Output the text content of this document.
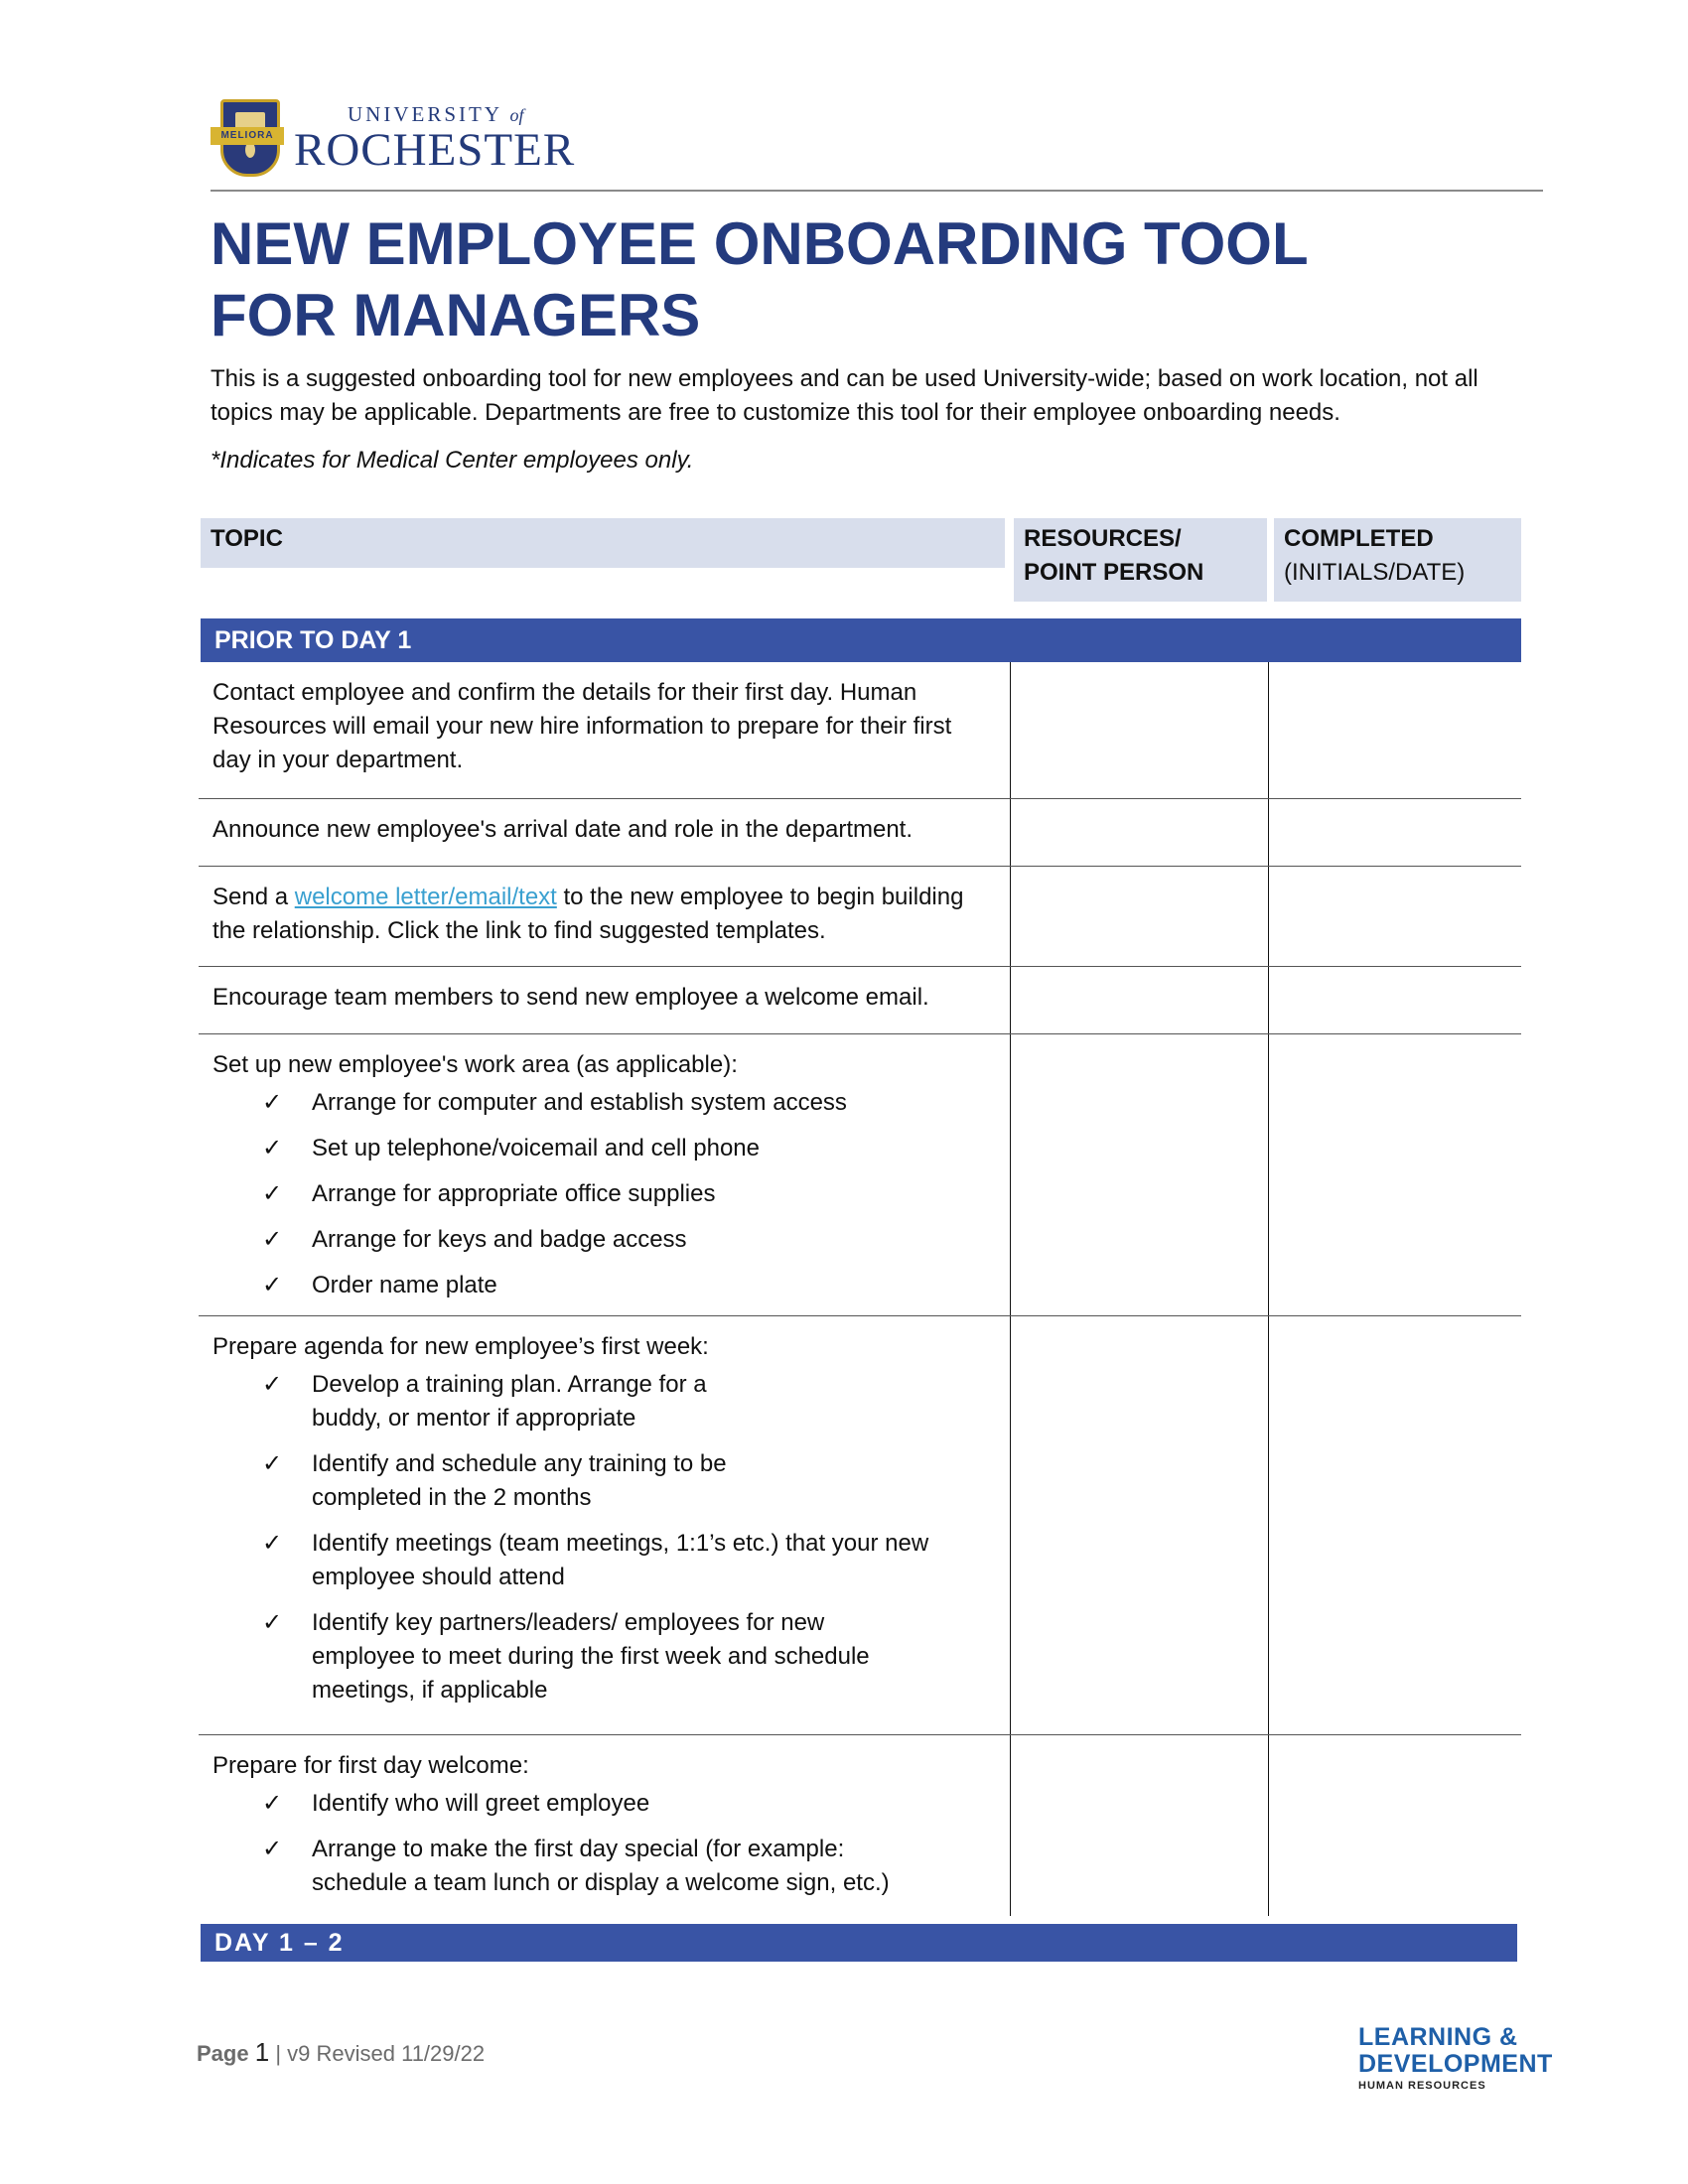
MELIORA
UNIVERSITY of
ROCHESTER
NEW EMPLOYEE ONBOARDING TOOL
FOR MANAGERS

This is a suggested onboarding tool for new employees and can be used University-wide; based on work location, not all topics may be applicable. Departments are free to customize this tool for their employee onboarding needs.

*Indicates for Medical Center employees only.

TOPIC	RESOURCES/
POINT PERSON
COMPLETED
(INITIALS/DATE)
PRIOR TO DAY 1

Contact employee and confirm the details for their first day. Human Resources will email your new hire information to prepare for their first day in your department.

Announce new employee's arrival date and role in the department.

Send a welcome letter/email/text to the new employee to begin building the relationship. Click the link to find suggested templates.

Encourage team members to send new employee a welcome email.

Set up new employee's work area (as applicable):

✓ Arrange for computer and establish system access
✓ Set up telephone/voicemail and cell phone
✓ Arrange for appropriate office supplies
✓ Arrange for keys and badge access
✓ Order name plate

Prepare agenda for new employee’s first week:

✓ Develop a training plan. Arrange for a buddy, or mentor if appropriate
✓ Identify and schedule any training to be completed in the 2 months
✓ Identify meetings (team meetings, 1:1’s etc.) that your new employee should attend
✓ Identify key partners/leaders/ employees for new employee to meet during the first week and schedule meetings, if applicable

Prepare for first day welcome:

✓ Identify who will greet employee
✓ Arrange to make the first day special (for example: schedule a team lunch or display a welcome sign, etc.)
DAY 1 – 2
Page 1 | v9 Revised 11/29/22
LEARNING &
DEVELOPMENT
HUMAN RESOURCES
